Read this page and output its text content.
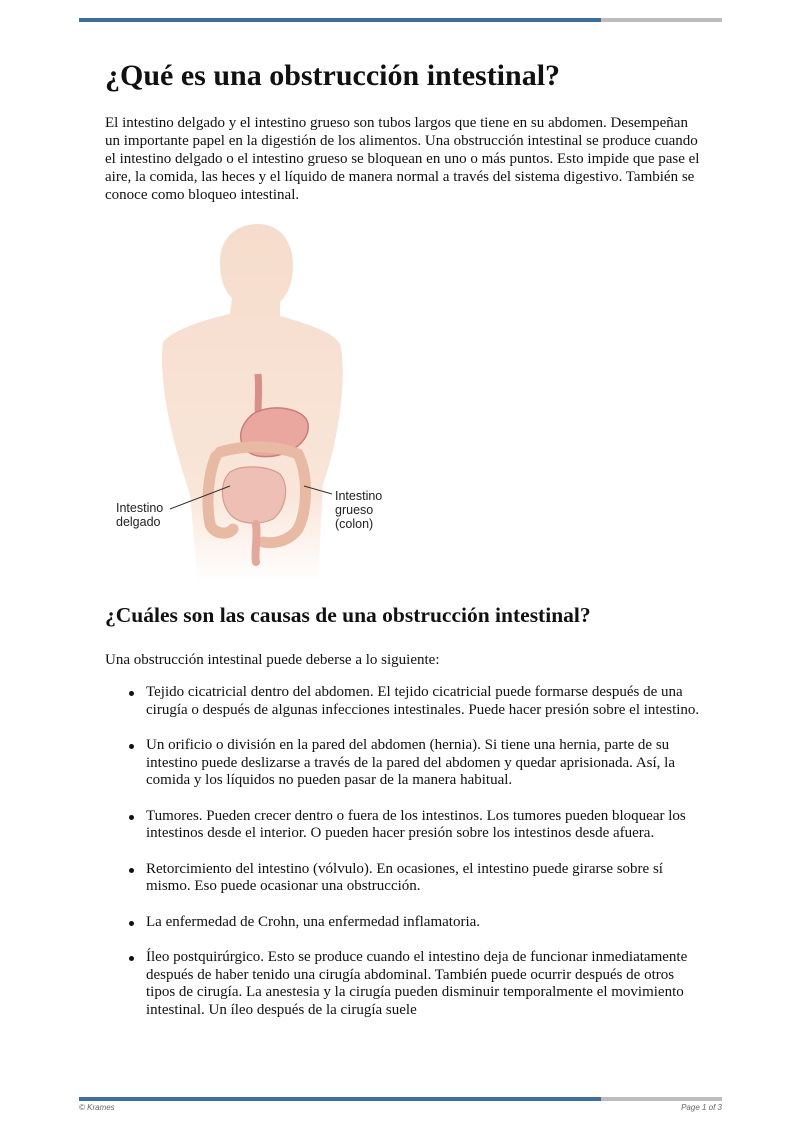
¿Qué es una obstrucción intestinal?

El intestino delgado y el intestino grueso son tubos largos que tiene en su abdomen. Desempeñan un importante papel en la digestión de los alimentos. Una obstrucción intestinal se produce cuando el intestino delgado o el intestino grueso se bloquean en uno o más puntos. Esto impide que pase el aire, la comida, las heces y el líquido de manera normal a través del sistema digestivo. También se conoce como bloqueo intestinal.

Intestino
delgado
Intestino
grueso
(colon)
¿Cuáles son las causas de una obstrucción intestinal?

Una obstrucción intestinal puede deberse a lo siguiente:

Tejido cicatricial dentro del abdomen. El tejido cicatricial puede formarse después de una cirugía o después de algunas infecciones intestinales. Puede hacer presión sobre el intestino.
Un orificio o división en la pared del abdomen (hernia). Si tiene una hernia, parte de su intestino puede deslizarse a través de la pared del abdomen y quedar aprisionada. Así, la comida y los líquidos no pueden pasar de la manera habitual.
Tumores. Pueden crecer dentro o fuera de los intestinos. Los tumores pueden bloquear los intestinos desde el interior. O pueden hacer presión sobre los intestinos desde afuera.
Retorcimiento del intestino (vólvulo). En ocasiones, el intestino puede girarse sobre sí mismo. Eso puede ocasionar una obstrucción.
La enfermedad de Crohn, una enfermedad inflamatoria.
Íleo postquirúrgico. Esto se produce cuando el intestino deja de funcionar inmediatamente después de haber tenido una cirugía abdominal. También puede ocurrir después de otros tipos de cirugía. La anestesia y la cirugía pueden disminuir temporalmente el movimiento intestinal. Un íleo después de la cirugía suele
© Krames	Page 1 of 3
